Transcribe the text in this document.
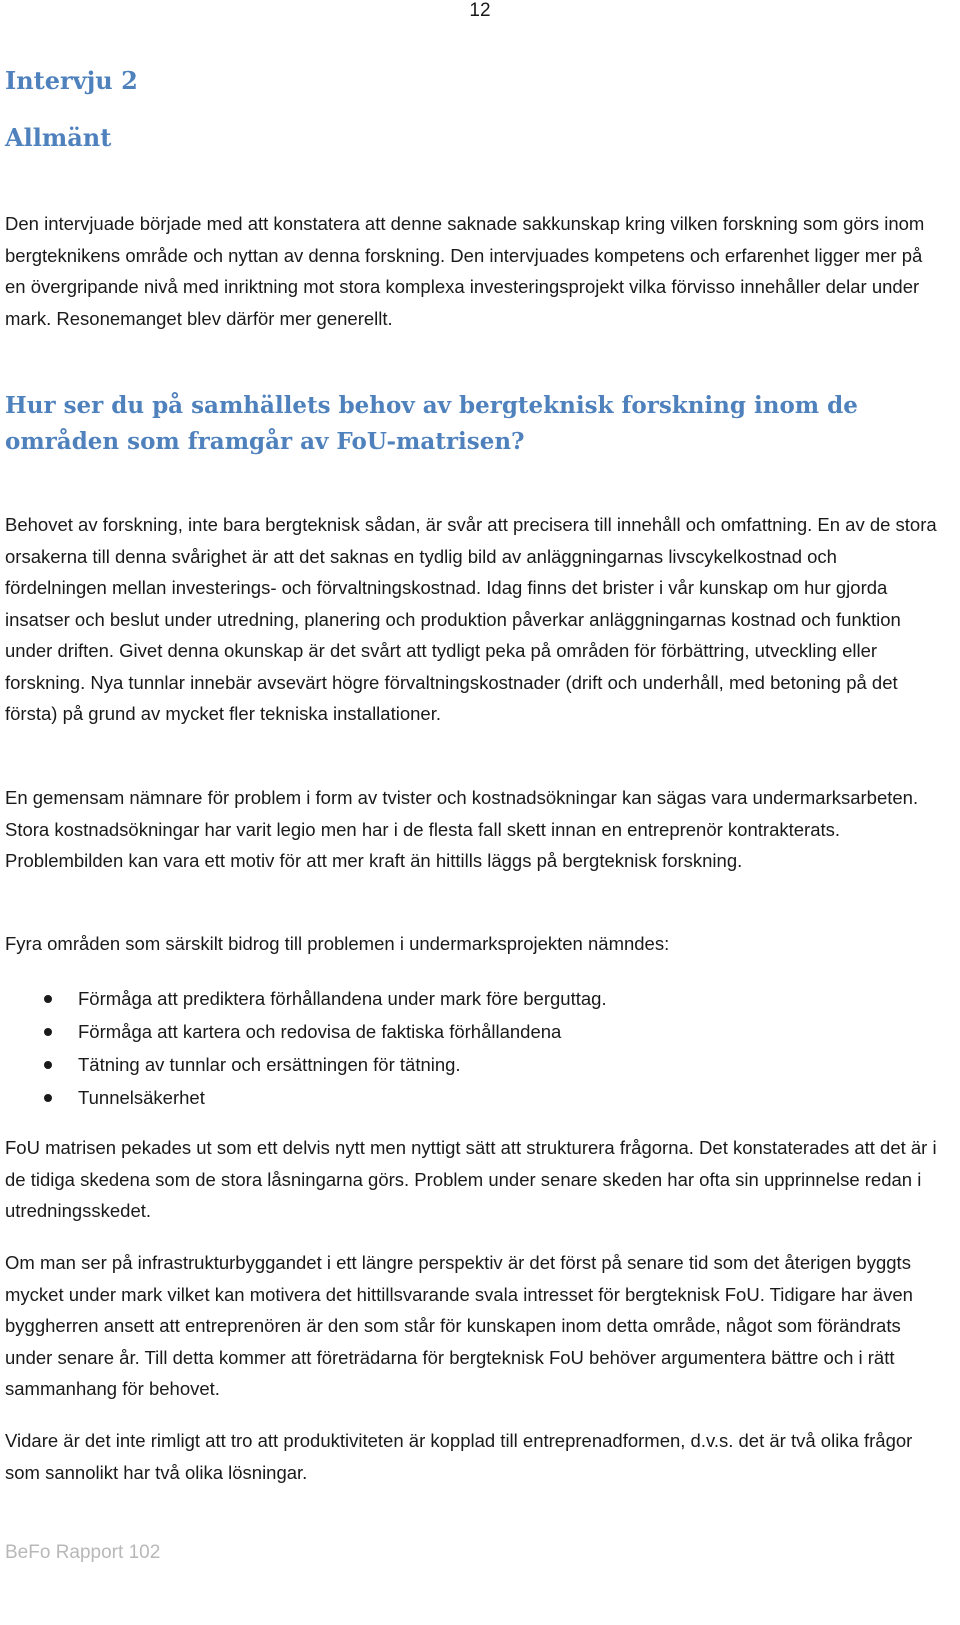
12
Intervju 2
Allmänt

Den intervjuade började med att konstatera att denne saknade sakkunskap kring vilken forskning som görs inom bergteknikens område och nyttan av denna forskning. Den intervjuades kompetens och erfarenhet ligger mer på en övergripande nivå med inriktning mot stora komplexa investeringsprojekt vilka förvisso innehåller delar under mark. Resonemanget blev därför mer generellt.

Hur ser du på samhällets behov av bergteknisk forskning inom de områden som framgår av FoU-matrisen?

Behovet av forskning, inte bara bergteknisk sådan, är svår att precisera till innehåll och omfattning. En av de stora orsakerna till denna svårighet är att det saknas en tydlig bild av anläggningarnas livscykelkostnad och fördelningen mellan investerings- och förvaltningskostnad. Idag finns det brister i vår kunskap om hur gjorda insatser och beslut under utredning, planering och produktion påverkar anläggningarnas kostnad och funktion under driften. Givet denna okunskap är det svårt att tydligt peka på områden för förbättring, utveckling eller forskning. Nya tunnlar innebär avsevärt högre förvaltningskostnader (drift och underhåll, med betoning på det första) på grund av mycket fler tekniska installationer.

En gemensam nämnare för problem i form av tvister och kostnadsökningar kan sägas vara undermarksarbeten. Stora kostnadsökningar har varit legio men har i de flesta fall skett innan en entreprenör kontrakterats. Problembilden kan vara ett motiv för att mer kraft än hittills läggs på bergteknisk forskning.

Fyra områden som särskilt bidrog till problemen i undermarksprojekten nämndes:

Förmåga att prediktera förhållandena under mark före berguttag.
Förmåga att kartera och redovisa de faktiska förhållandena
Tätning av tunnlar och ersättningen för tätning.
Tunnelsäkerhet

FoU matrisen pekades ut som ett delvis nytt men nyttigt sätt att strukturera frågorna. Det konstaterades att det är i de tidiga skedena som de stora låsningarna görs. Problem under senare skeden har ofta sin upprinnelse redan i utredningsskedet.

Om man ser på infrastrukturbyggandet i ett längre perspektiv är det först på senare tid som det återigen byggts mycket under mark vilket kan motivera det hittillsvarande svala intresset för bergteknisk FoU. Tidigare har även byggherren ansett att entreprenören är den som står för kunskapen inom detta område, något som förändrats under senare år. Till detta kommer att företrädarna för bergteknisk FoU behöver argumentera bättre och i rätt sammanhang för behovet.

Vidare är det inte rimligt att tro att produktiviteten är kopplad till entreprenadformen, d.v.s. det är två olika frågor som sannolikt har två olika lösningar.

BeFo Rapport 102
